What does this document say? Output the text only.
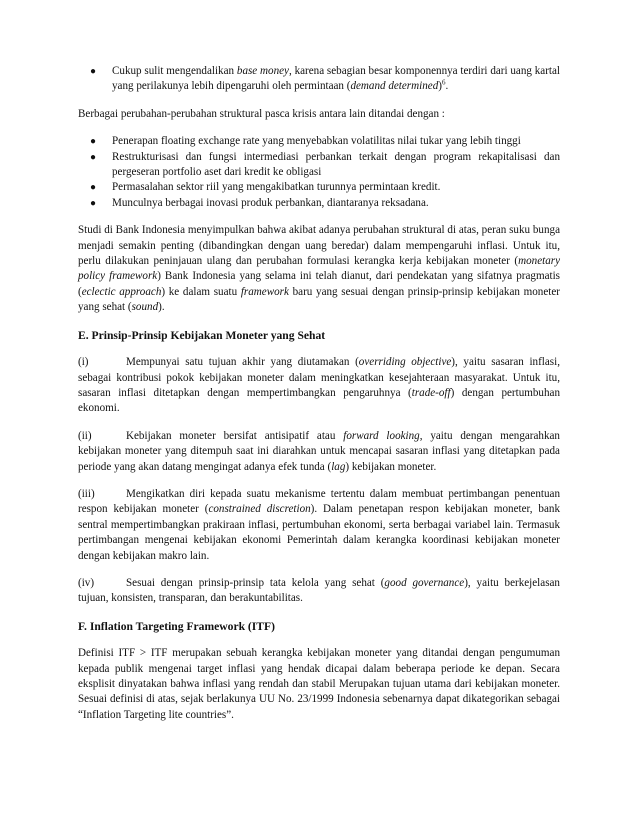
● Cukup sulit mengendalikan base money, karena sebagian besar komponennya terdiri dari uang kartal yang perilakunya lebih dipengaruhi oleh permintaan (demand determined)$^6$.

Berbagai perubahan-perubahan struktural pasca krisis antara lain ditandai dengan :

● Penerapan floating exchange rate yang menyebabkan volatilitas nilai tukar yang lebih tinggi
● Restrukturisasi dan fungsi intermediasi perbankan terkait dengan program rekapitalisasi dan pergeseran portfolio aset dari kredit ke obligasi
● Permasalahan sektor riil yang mengakibatkan turunnya permintaan kredit.
● Munculnya berbagai inovasi produk perbankan, diantaranya reksadana.

Studi di Bank Indonesia menyimpulkan bahwa akibat adanya perubahan struktural di atas, peran suku bunga menjadi semakin penting (dibandingkan dengan uang beredar) dalam mempengaruhi inflasi. Untuk itu, perlu dilakukan peninjauan ulang dan perubahan formulasi kerangka kerja kebijakan moneter (monetary policy framework) Bank Indonesia yang selama ini telah dianut, dari pendekatan yang sifatnya pragmatis (eclectic approach) ke dalam suatu framework baru yang sesuai dengan prinsip-prinsip kebijakan moneter yang sehat (sound).

E. Prinsip-Prinsip Kebijakan Moneter yang Sehat

(i)	Mempunyai satu tujuan akhir yang diutamakan (overriding objective), yaitu sasaran inflasi, sebagai kontribusi pokok kebijakan moneter dalam meningkatkan kesejahteraan masyarakat. Untuk itu, sasaran inflasi ditetapkan dengan mempertimbangkan pengaruhnya (trade-off) dengan pertumbuhan ekonomi.

(ii)	Kebijakan moneter bersifat antisipatif atau forward looking, yaitu dengan mengarahkan kebijakan moneter yang ditempuh saat ini diarahkan untuk mencapai sasaran inflasi yang ditetapkan pada periode yang akan datang mengingat adanya efek tunda (lag) kebijakan moneter.

(iii)	Mengikatkan diri kepada suatu mekanisme tertentu dalam membuat pertimbangan penentuan respon kebijakan moneter (constrained discretion). Dalam penetapan respon kebijakan moneter, bank sentral mempertimbangkan prakiraan inflasi, pertumbuhan ekonomi, serta berbagai variabel lain. Termasuk pertimbangan mengenai kebijakan ekonomi Pemerintah dalam kerangka koordinasi kebijakan moneter dengan kebijakan makro lain.

(iv)	Sesuai dengan prinsip-prinsip tata kelola yang sehat (good governance), yaitu berkejelasan tujuan, konsisten, transparan, dan berakuntabilitas.

F. Inflation Targeting Framework (ITF)

Definisi ITF > ITF merupakan sebuah kerangka kebijakan moneter yang ditandai dengan pengumuman kepada publik mengenai target inflasi yang hendak dicapai dalam beberapa periode ke depan. Secara eksplisit dinyatakan bahwa inflasi yang rendah dan stabil Merupakan tujuan utama dari kebijakan moneter. Sesuai definisi di atas, sejak berlakunya UU No. 23/1999 Indonesia sebenarnya dapat dikategorikan sebagai “Inflation Targeting lite countries”.
